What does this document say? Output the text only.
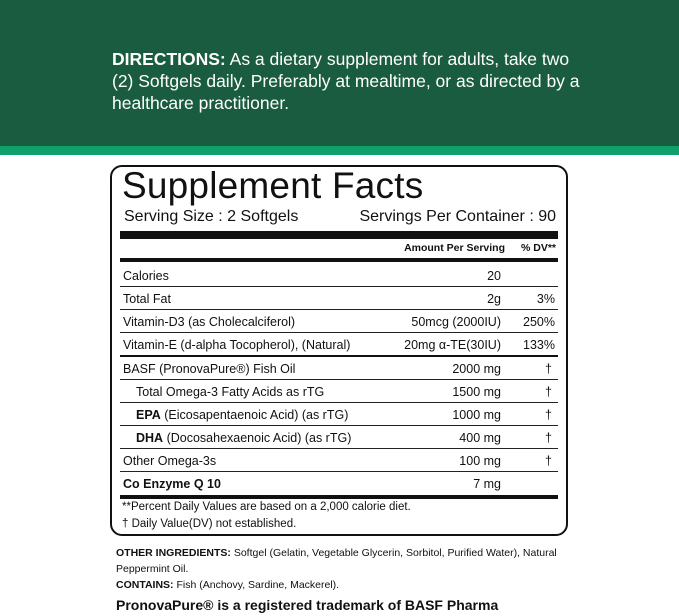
DIRECTIONS: As a dietary supplement for adults, take two (2) Softgels daily. Preferably at mealtime, or as directed by a healthcare practitioner.
Supplement Facts
Serving Size : 2 Softgels	Servings Per Container : 90
Amount Per Serving % DV**
Calories	20
Total Fat	2g	3%
Vitamin-D3 (as Cholecalciferol)	50mcg (2000IU) 250%
Vitamin-E (d-alpha Tocopherol), (Natural)	20mg α-TE(30IU) 133%
BASF (PronovaPure®) Fish Oil	2000 mg	†
Total Omega-3 Fatty Acids as rTG	1500 mg	†
EPA (Eicosapentaenoic Acid) (as rTG)	1000 mg	†
DHA (Docosahexaenoic Acid) (as rTG)	400 mg	†
Other Omega-3s	100 mg	†
Co Enzyme Q 10	7 mg
**Percent Daily Values are based on a 2,000 calorie diet.
† Daily Value(DV) not established.
OTHER INGREDIENTS: Softgel (Gelatin, Vegetable Glycerin, Sorbitol, Purified Water), Natural Peppermint Oil.
CONTAINS: Fish (Anchovy, Sardine, Mackerel).
PronovaPure® is a registered trademark of BASF Pharma
